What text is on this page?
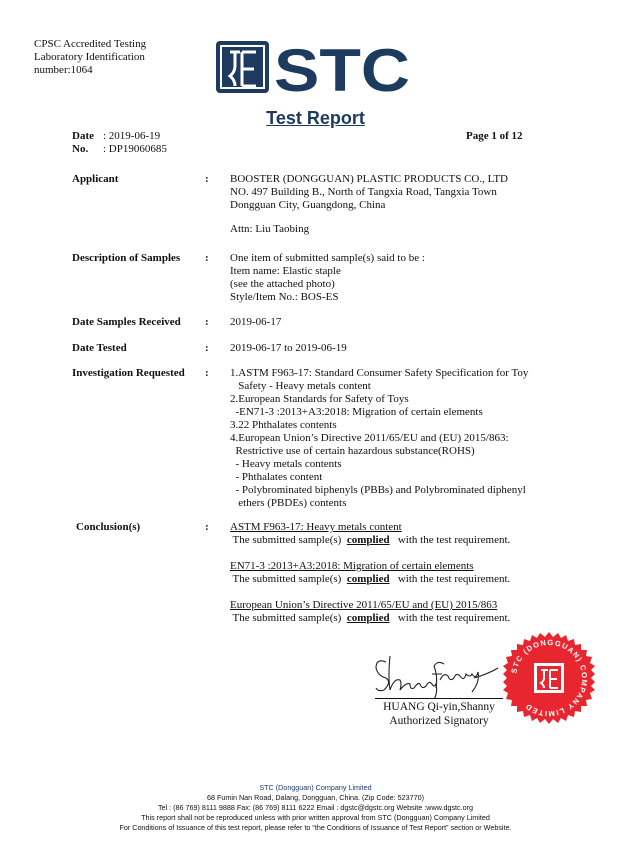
CPSC Accredited Testing
Laboratory Identification
number:1064	STC
Test Report
Date : 2019-06-19
No. : DP19060685
Page 1 of 12
Applicant	: BOOSTER (DONGGUAN) PLASTIC PRODUCTS CO., LTD
NO. 497 Building B., North of Tangxia Road, Tangxia Town
Dongguan City, Guangdong, China
Attn: Liu Taobing
Description of Samples : One item of submitted sample(s) said to be :
Item name: Elastic staple
(see the attached photo)
Style/Item No.: BOS-ES
Date Samples Received : 2019-06-17
Date Tested	: 2019-06-17 to 2019-06-19
Investigation Requested : 1.ASTM F963-17: Standard Consumer Safety Specification for Toy
Safety - Heavy metals content
2.European Standards for Safety of Toys
-EN71-3 :2013+A3:2018: Migration of certain elements
3.22 Phthalates contents
4.European Union’s Directive 2011/65/EU and (EU) 2015/863:
Restrictive use of certain hazardous substance(ROHS)
- Heavy metals contents
- Phthalates content
- Polybrominated biphenyls (PBBs) and Polybrominated diphenyl
ethers (PBDEs) contents
Conclusion(s)	: ASTM F963-17: Heavy metals content
The submitted sample(s)  complied   with the test requirement.
EN71-3 :2013+A3:2018: Migration of certain elements
The submitted sample(s)  complied   with the test requirement.
European Union’s Directive 2011/65/EU and (EU) 2015/863
The submitted sample(s)  complied   with the test requirement.
HUANG Qi-yin,Shanny
Authorized Signatory
STC (DONGGUAN) COMPANY LIMITED
STC (Dongguan) Company Limited
68 Fumin Nan Road, Dalang, Dongguan, China. (Zip Code: 523770)
Tel : (86 769) 8111 9888 Fax: (86 769) 8111 6222 Email : dgstc@dgstc.org Website :www.dgstc.org
This report shall not be reproduced unless with prior written approval from STC (Dongguan) Company Limited
For Conditions of Issuance of this test report, please refer to “the Conditions of Issuance of Test Report” section or Website.
